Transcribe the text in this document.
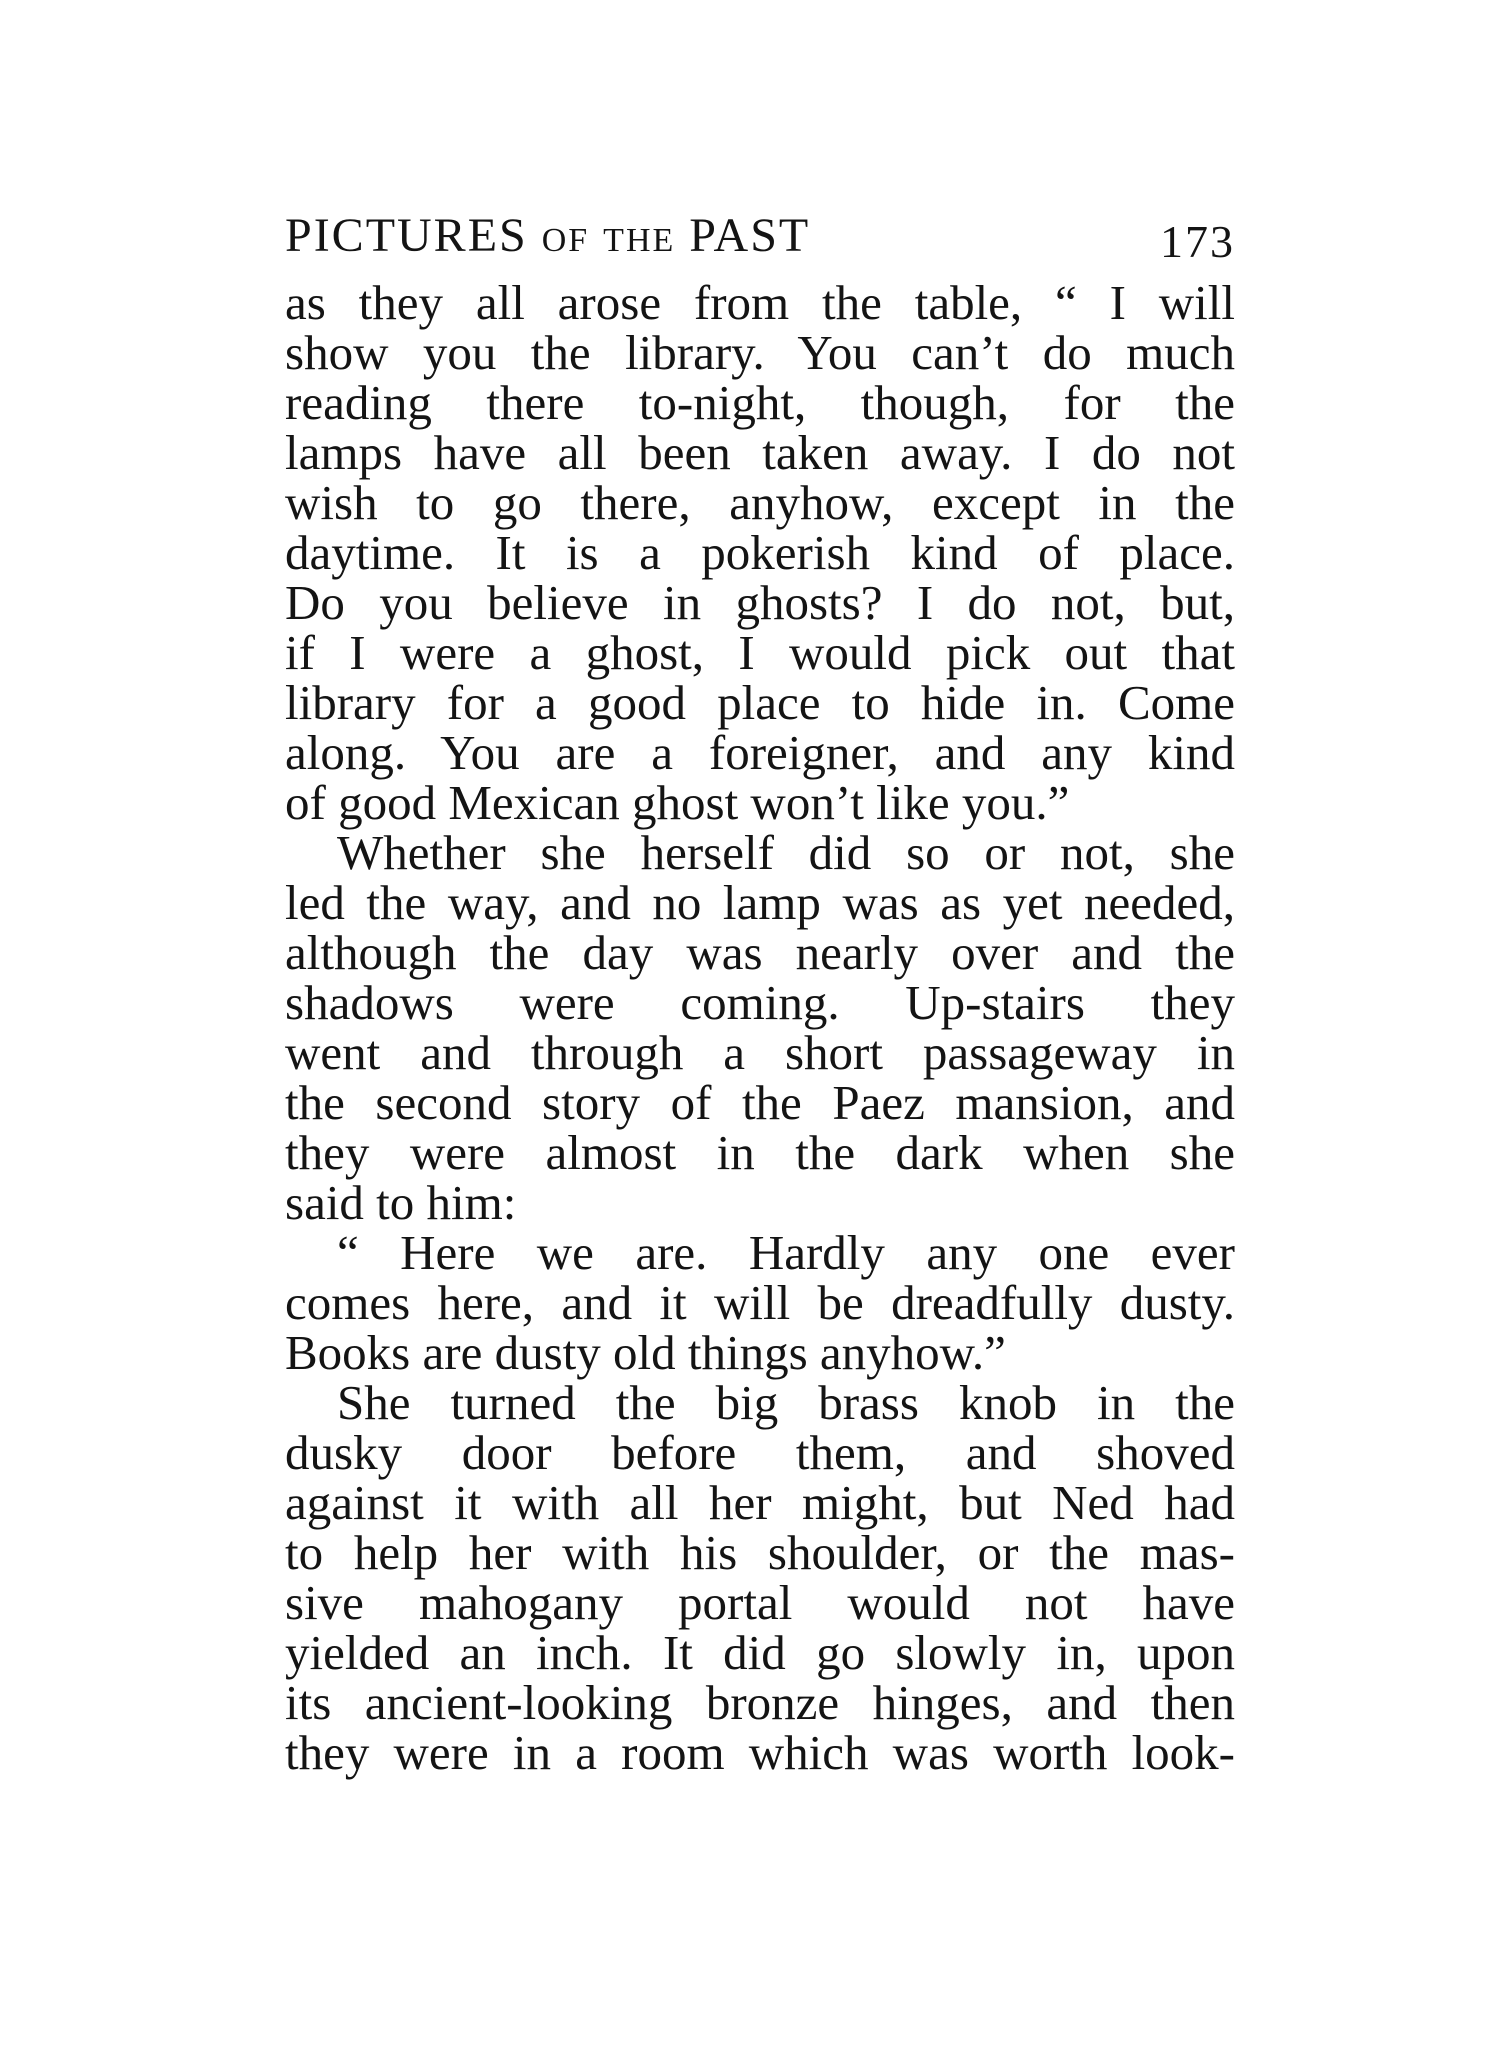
PICTURES of the PAST	173
as they all arose from the table, “ I will
show you the library. You can’t do much
reading there to-night, though, for the
lamps have all been taken away. I do not
wish to go there, anyhow, except in the
daytime. It is a pokerish kind of place.
Do you believe in ghosts? I do not, but,
if I were a ghost, I would pick out that
library for a good place to hide in. Come
along. You are a foreigner, and any kind
of good Mexican ghost won’t like you.”
Whether she herself did so or not, she
led the way, and no lamp was as yet needed,
although the day was nearly over and the
shadows were coming. Up-stairs they
went and through a short passageway in
the second story of the Paez mansion, and
they were almost in the dark when she
said to him:
“ Here we are. Hardly any one ever
comes here, and it will be dreadfully dusty.
Books are dusty old things anyhow.”
She turned the big brass knob in the
dusky door before them, and shoved
against it with all her might, but Ned had
to help her with his shoulder, or the mas-
sive mahogany portal would not have
yielded an inch. It did go slowly in, upon
its ancient-looking bronze hinges, and then
they were in a room which was worth look-
